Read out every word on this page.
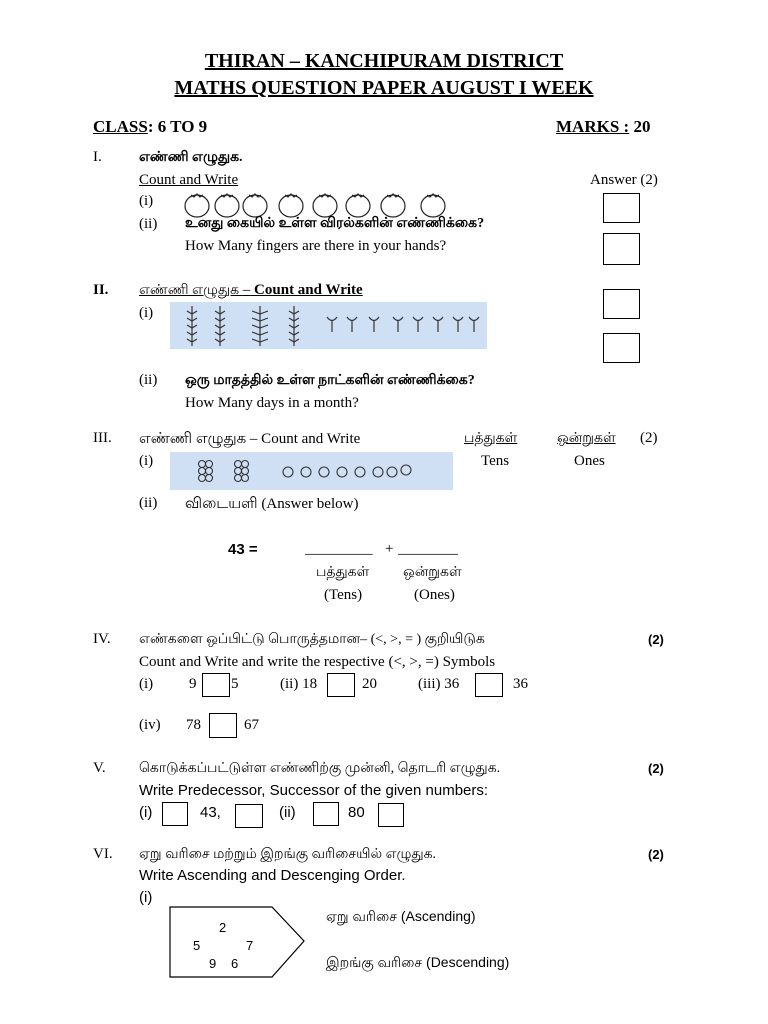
THIRAN – KANCHIPURAM DISTRICT
MATHS QUESTION PAPER AUGUST I WEEK
CLASS: 6 TO 9	MARKS : 20
I.	எண்ணி எழுதுக.
Count and Write	Answer (2)
(i)
(ii) உனது கையில் உள்ள விரல்களின் எண்ணிக்கை?
How Many fingers are there in your hands?
II. எண்ணி எழுதுக – Count and Write
(i)
(ii) ஒரு மாதத்தில் உள்ள நாட்களின் எண்ணிக்கை?
How Many days in a month?
III. எண்ணி எழுதுக – Count and Write	பத்துகள்	ஒன்றுகள் (2)
Tens	Ones
(i)
(ii) விடையளி (Answer below)
43 =	_________ + ________
பத்துகள் ஒன்றுகள்
(Tens)	(Ones)
IV. எண்களை ஒப்பிட்டு பொருத்தமான– (<, >, = ) குறியிடுக	(2)
Count and Write and write the respective (<, >, =) Symbols
(i) 9 5	(ii) 18	20	(iii) 36	36
(iv) 78	67
V. கொடுக்கப்பட்டுள்ள எண்ணிற்கு முன்னி, தொடரி எழுதுக.	(2)
Write Predecessor, Successor of the given numbers:
(i)	43,	(ii)	80
VI. ஏறு வரிசை மற்றும் இறங்கு வரிசையில் எழுதுக.	(2)
Write Ascending and Descenging Order.
(i)
2
5	7
9 6
ஏறு வரிசை (Ascending)
இறங்கு வரிசை (Descending)
